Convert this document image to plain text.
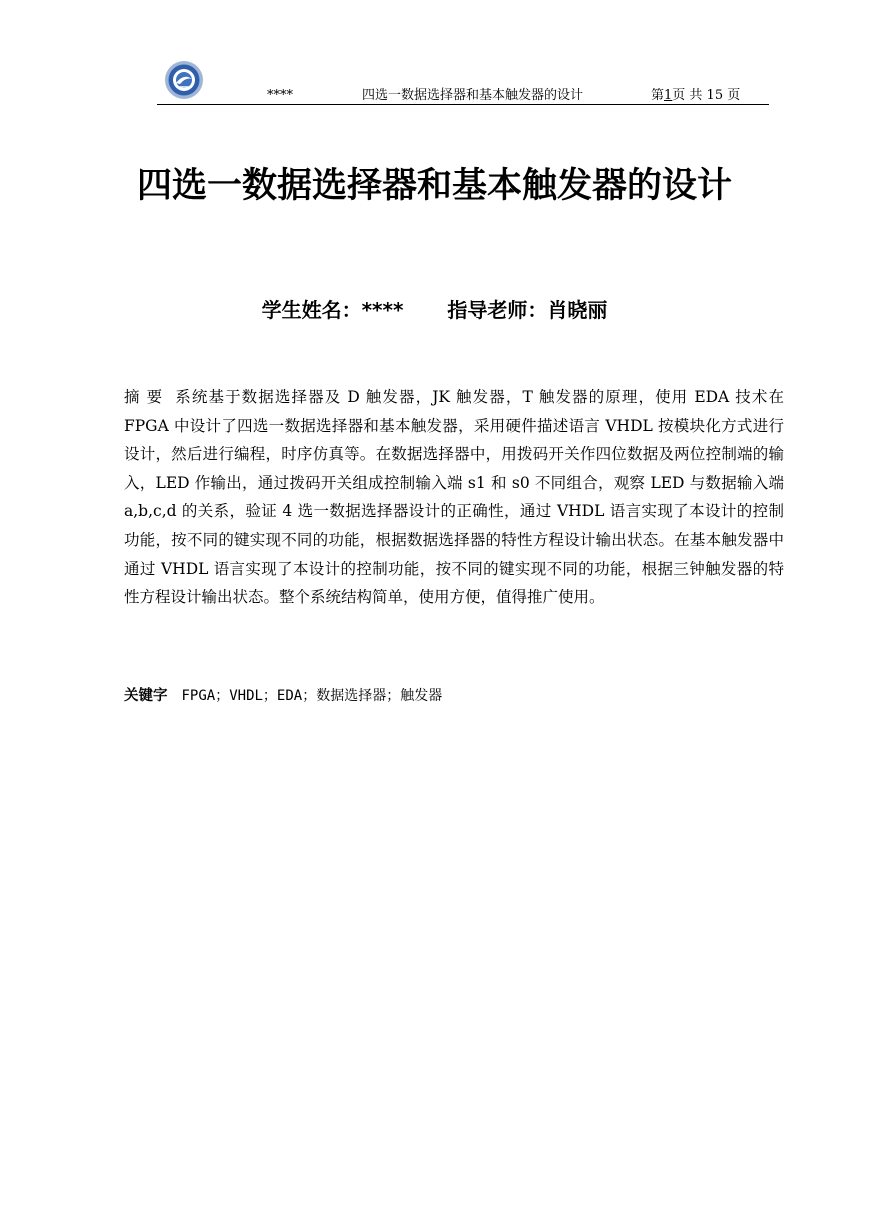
****	四选一数据选择器和基本触发器的设计	第1页 共 15 页
四选一数据选择器和基本触发器的设计
学生姓名：**** 指导老师：肖晓丽

摘 要 系统基于数据选择器及 D 触发器，JK 触发器，T 触发器的原理，使用 EDA 技术在 FPGA 中设计了四选一数据选择器和基本触发器，采用硬件描述语言 VHDL 按模块化方式进行设计，然后进行编程，时序仿真等。在数据选择器中，用拨码开关作四位数据及两位控制端的输入，LED 作输出，通过拨码开关组成控制输入端 s1 和 s0 不同组合，观察 LED 与数据输入端 a,b,c,d 的关系，验证 4 选一数据选择器设计的正确性，通过 VHDL 语言实现了本设计的控制功能，按不同的键实现不同的功能，根据数据选择器的特性方程设计输出状态。在基本触发器中通过 VHDL 语言实现了本设计的控制功能，按不同的键实现不同的功能，根据三钟触发器的特性方程设计输出状态。整个系统结构简单，使用方便，值得推广使用。

关键字 FPGA；VHDL；EDA；数据选择器；触发器
